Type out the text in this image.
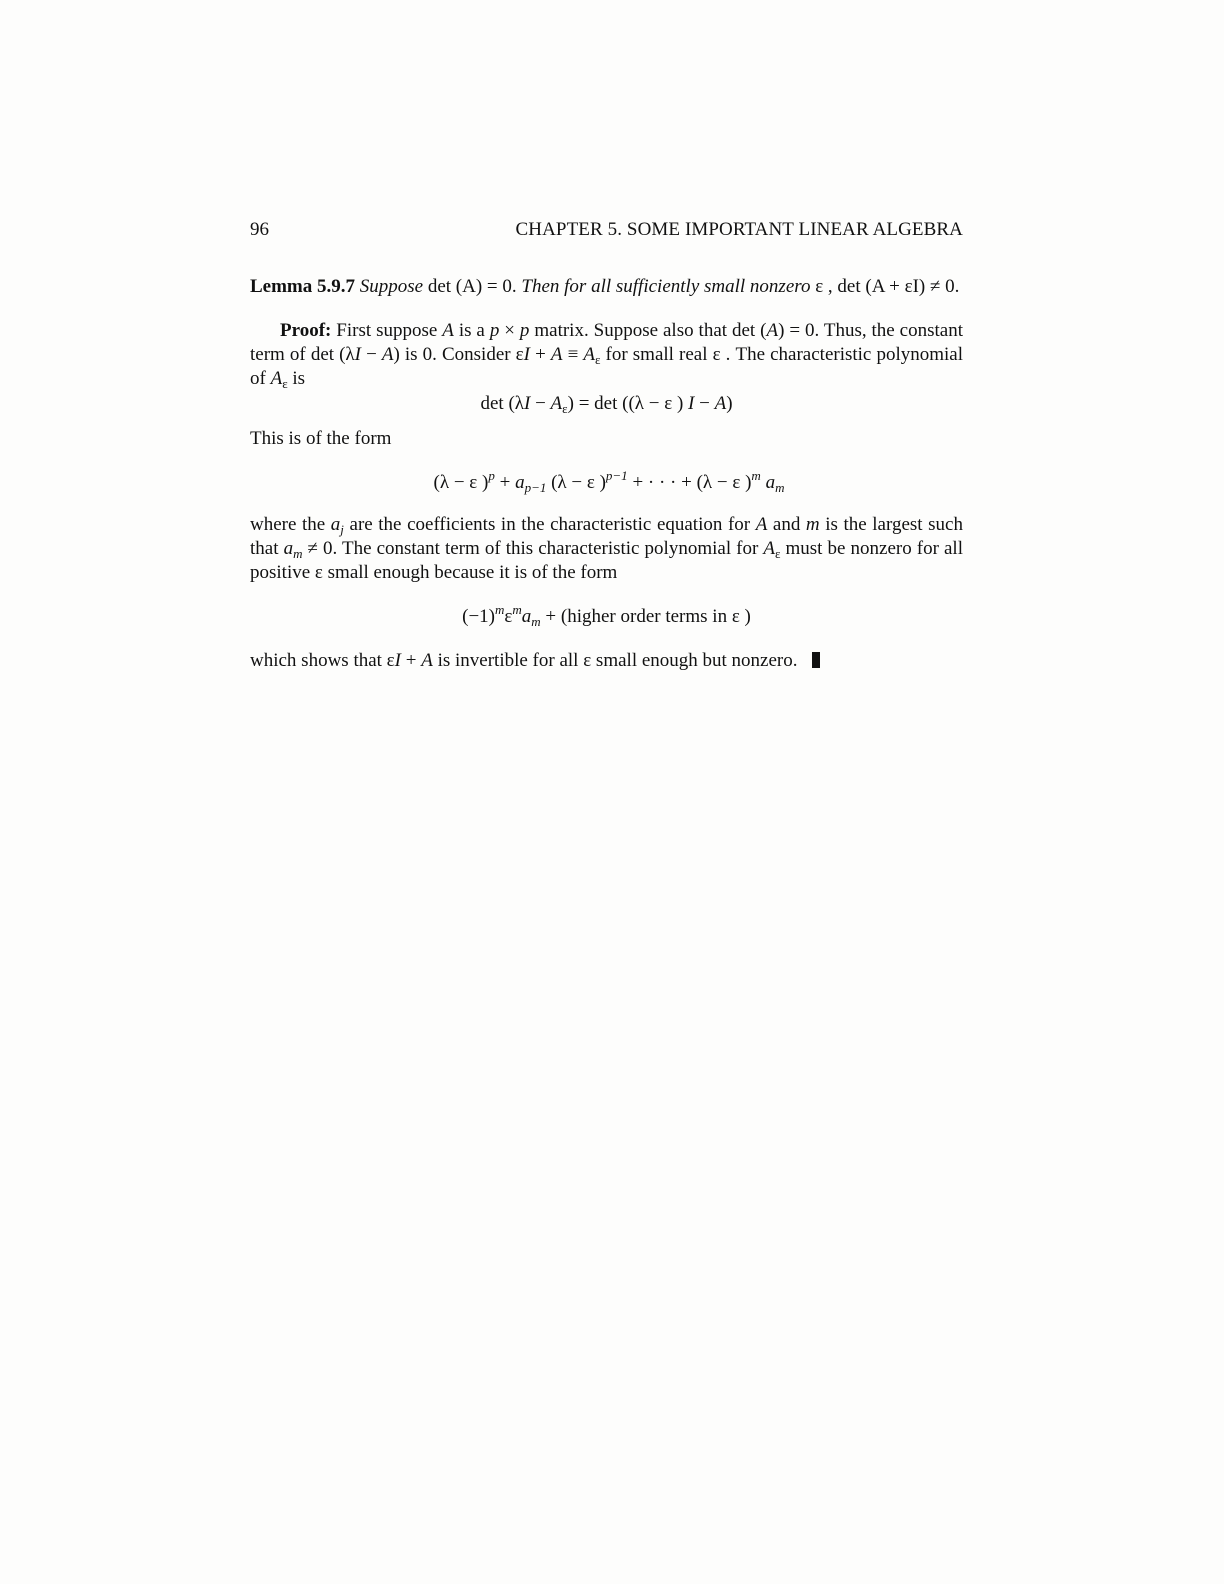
96	CHAPTER 5. SOME IMPORTANT LINEAR ALGEBRA

Lemma 5.9.7 Suppose det (A) = 0. Then for all sufficiently small nonzero ε , det (A + εI) ≠ 0.

Proof: First suppose A is a p × p matrix. Suppose also that det (A) = 0. Thus, the constant term of det (λI − A) is 0. Consider $\varepsilon I + A \equiv A_\varepsilon$ for small real ε . The characteristic polynomial of $A_\varepsilon$ is

$\det (\lambda I - A_\varepsilon) = \det ((\lambda - \varepsilon$ ) I − A)

This is of the form

(λ − ε )$^p + a_{p-1}$ (λ − ε )$^{p-1}$ + · · · + (λ − ε )$^m$ $a_m$

where the $a_j$ are the coefficients in the characteristic equation for A and m is the largest such that $a_m \ne 0$. The constant term of this characteristic polynomial for $A_\varepsilon$ must be nonzero for all positive ε small enough because it is of the form

$(-1)^m\varepsilon^ma_m$ + (higher order terms in ε )

which shows that εI + A is invertible for all ε small enough but nonzero.
